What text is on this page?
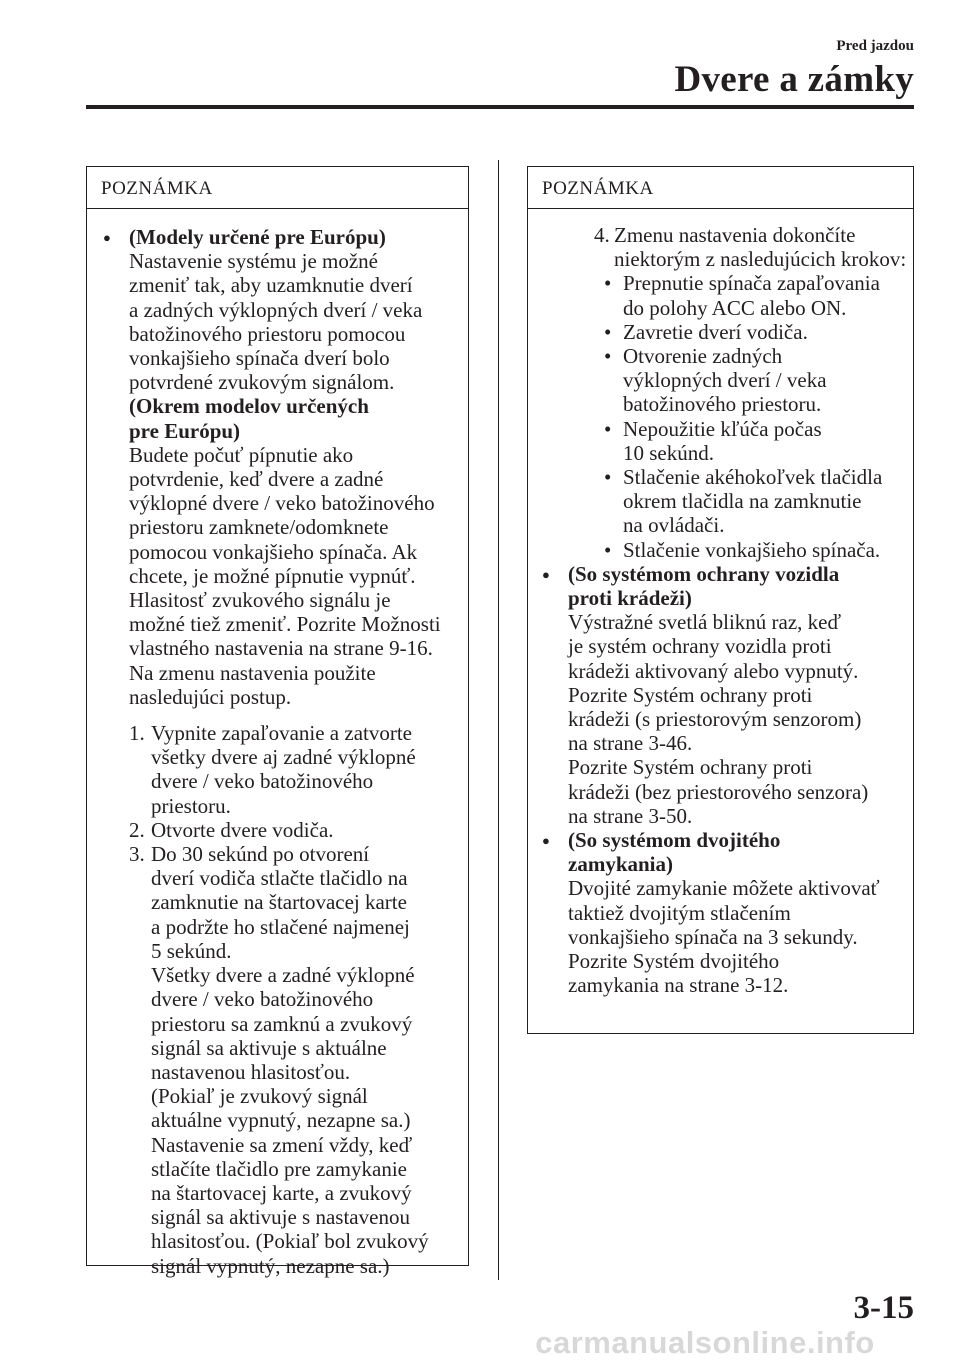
Pred jazdou
Dvere a zámky
POZNÁMKA
● (Modely určené pre Európu)
Nastavenie systému je možné
zmeniť tak, aby uzamknutie dverí
a zadných výklopných dverí / veka
batožinového priestoru pomocou
vonkajšieho spínača dverí bolo
potvrdené zvukovým signálom.
(Okrem modelov určených
pre Európu)
Budete počuť pípnutie ako
potvrdenie, keď dvere a zadné
výklopné dvere / veko batožinového
priestoru zamknete/odomknete
pomocou vonkajšieho spínača. Ak
chcete, je možné pípnutie vypnúť.
Hlasitosť zvukového signálu je
možné tiež zmeniť. Pozrite Možnosti
vlastného nastavenia na strane 9-16.
Na zmenu nastavenia použite
nasledujúci postup.
1. Vypnite zapaľovanie a zatvorte
všetky dvere aj zadné výklopné
dvere / veko batožinového
priestoru.
2. Otvorte dvere vodiča.
3. Do 30 sekúnd po otvorení
dverí vodiča stlačte tlačidlo na
zamknutie na štartovacej karte
a podržte ho stlačené najmenej
5 sekúnd.
Všetky dvere a zadné výklopné
dvere / veko batožinového
priestoru sa zamknú a zvukový
signál sa aktivuje s aktuálne
nastavenou hlasitosťou.
(Pokiaľ je zvukový signál
aktuálne vypnutý, nezapne sa.)
Nastavenie sa zmení vždy, keď
stlačíte tlačidlo pre zamykanie
na štartovacej karte, a zvukový
signál sa aktivuje s nastavenou
hlasitosťou. (Pokiaľ bol zvukový
signál vypnutý, nezapne sa.)
POZNÁMKA
4. Zmenu nastavenia dokončíte
niektorým z nasledujúcich krokov:
• Prepnutie spínača zapaľovania
do polohy ACC alebo ON.
• Zavretie dverí vodiča.
• Otvorenie zadných
výklopných dverí / veka
batožinového priestoru.
• Nepoužitie kľúča počas
10 sekúnd.
• Stlačenie akéhokoľvek tlačidla
okrem tlačidla na zamknutie
na ovládači.
• Stlačenie vonkajšieho spínača.
● (So systémom ochrany vozidla
proti krádeži)
Výstražné svetlá bliknú raz, keď
je systém ochrany vozidla proti
krádeži aktivovaný alebo vypnutý.
Pozrite Systém ochrany proti
krádeži (s priestorovým senzorom)
na strane 3-46.
Pozrite Systém ochrany proti
krádeži (bez priestorového senzora)
na strane 3-50.
● (So systémom dvojitého
zamykania)
Dvojité zamykanie môžete aktivovať
taktiež dvojitým stlačením
vonkajšieho spínača na 3 sekundy.
Pozrite Systém dvojitého
zamykania na strane 3-12.
3-15
carmanualsonline.info
